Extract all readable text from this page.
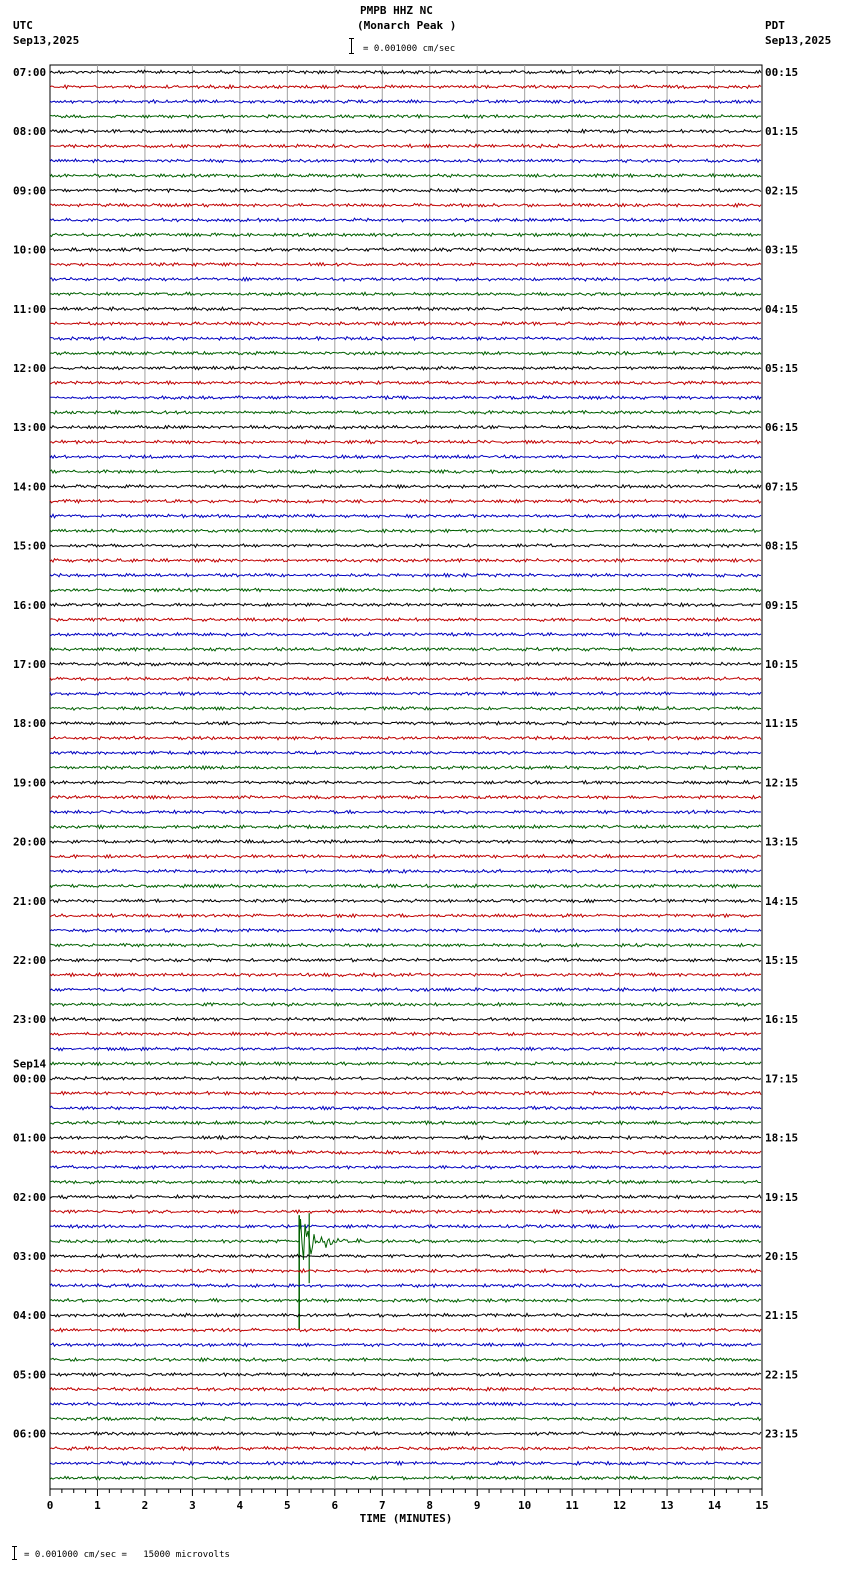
PMPB HHZ NC
(Monarch Peak )
UTC
Sep13,2025
PDT
Sep13,2025
= 0.001000 cm/sec
07:00	00:15
08:00	01:15
09:00	02:15
10:00	03:15
11:00	04:15
12:00	05:15
13:00	06:15
14:00	07:15
15:00	08:15
16:00	09:15
17:00	10:15
18:00	11:15
19:00	12:15
20:00	13:15
21:00	14:15
22:00	15:15
23:00	16:15
00:00	17:15
Sep14
01:00	18:15
02:00	19:15
03:00	20:15
04:00	21:15
05:00	22:15
06:00	23:15
0	1	2	3	4	5	6	7	8	9	10	11	12	13	14	15
TIME (MINUTES)
= 0.001000 cm/sec =   15000 microvolts
